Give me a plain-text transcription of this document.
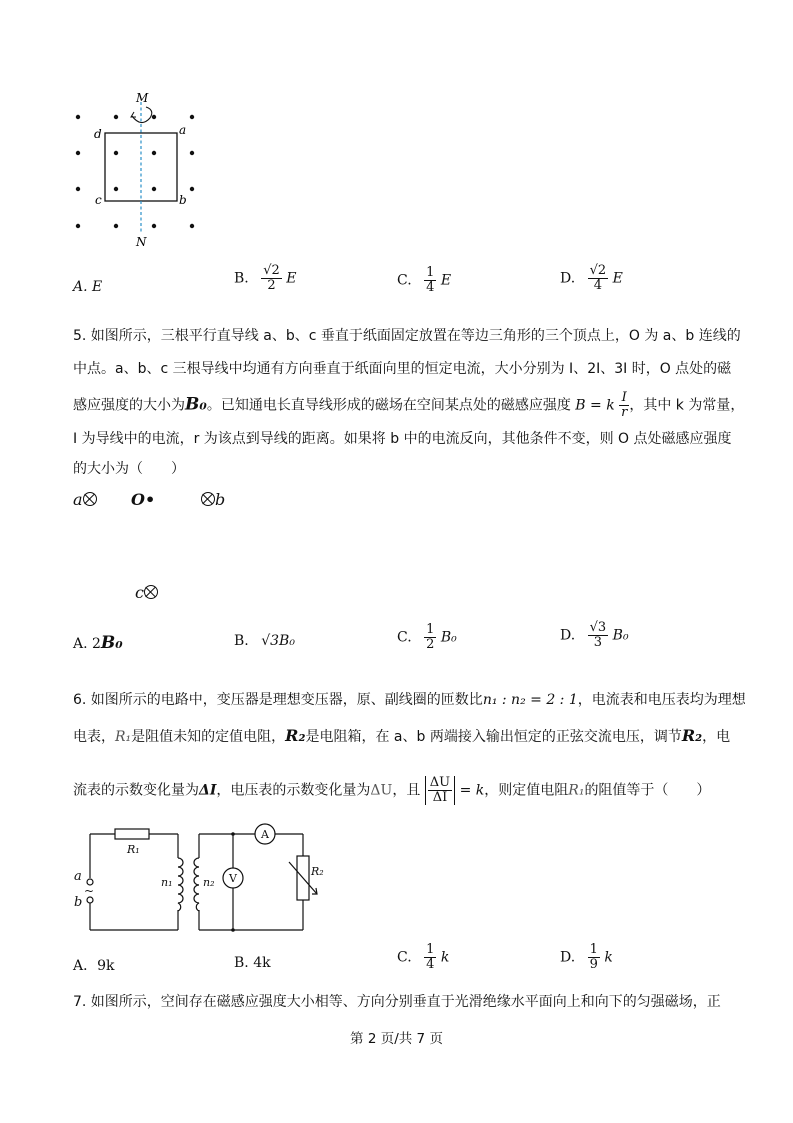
M
N
a
b
c
d
A. E
B. $\frac{√2}{2}$ E	C. $\frac{1}{4}$ E	D. $\frac{√2}{4}$ E
5. 如图所示，三根平行直导线 a、b、c 垂直于纸面固定放置在等边三角形的三个顶点上，O 为 a、b 连线的
中点。a、b、c 三根导线中均通有方向垂直于纸面向里的恒定电流，大小分别为 I、2I、3I 时，O 点处的磁
感应强度的大小为B₀。已知通电长直导线形成的磁场在空间某点处的磁感应强度 B = k $\frac{I}{r}$ ，其中 k 为常量，
I 为导线中的电流，r 为该点到导线的距离。如果将 b 中的电流反向，其他条件不变，则 O 点处磁感应强度
的大小为（　　）
a	O•	b
c
A. 2B₀	B. √3B₀	C. $\frac{1}{2} B_0$	D. $\frac{√3}{3} B_0$
6. 如图所示的电路中，变压器是理想变压器，原、副线圈的匝数比n₁ : n₂ = 2 : 1，电流表和电压表均为理想
电表，R₁是阻值未知的定值电阻，R₂是电阻箱，在 a、b 两端接入输出恒定的正弦交流电压，调节R₂，电
流表的示数变化量为ΔI，电压表的示数变化量为ΔU，且 $\frac{\Delta U}{\Delta I} = k$，则定值电阻R₁的阻值等于（　　）
R₁
R₂
n₁	n₂
a
b
~
A
V
A．9k	B. 4k	C. $\frac{1}{4}$ k	D. $\frac{1}{9}$ k
7. 如图所示，空间存在磁感应强度大小相等、方向分别垂直于光滑绝缘水平面向上和向下的匀强磁场，正
第 2 页/共 7 页
